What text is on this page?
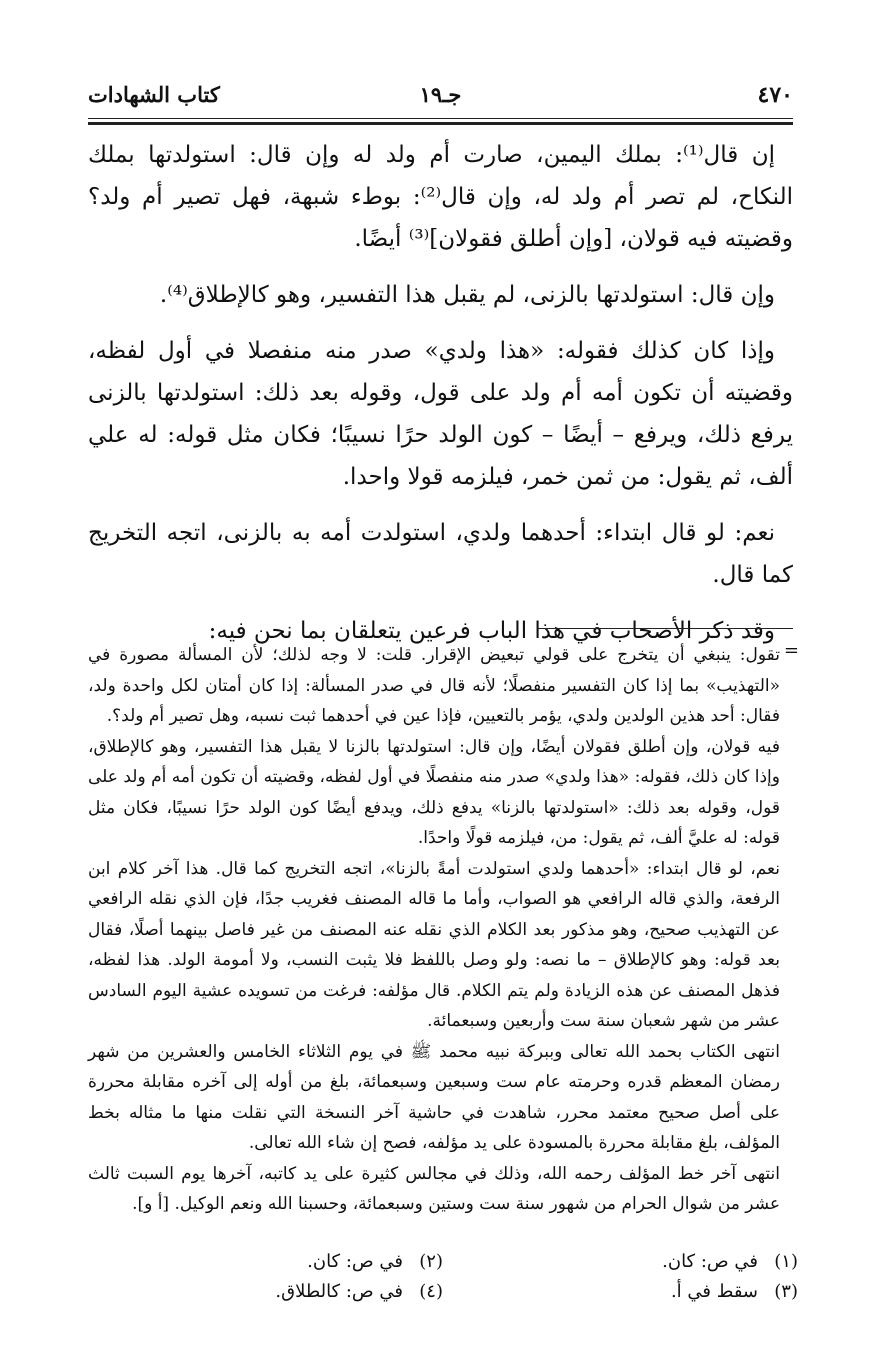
٤٧٠
جـ١٩
كتاب الشهادات

إن قال⁽¹⁾: بملك اليمين، صارت أم ولد له وإن قال: استولدتها بملك النكاح، لم تصر أم ولد له، وإن قال⁽²⁾: بوطء شبهة، فهل تصير أم ولد؟ وقضيته فيه قولان، [وإن أطلق فقولان]⁽³⁾ أيضًا.

وإن قال: استولدتها بالزنى، لم يقبل هذا التفسير، وهو كالإطلاق⁽⁴⁾.

وإذا كان كذلك فقوله: «هذا ولدي» صدر منه منفصلا في أول لفظه، وقضيته أن تكون أمه أم ولد على قول، وقوله بعد ذلك: استولدتها بالزنى يرفع ذلك، ويرفع – أيضًا – كون الولد حرًا نسيبًا؛ فكان مثل قوله: له علي ألف، ثم يقول: من ثمن خمر، فيلزمه قولا واحدا.

نعم: لو قال ابتداء: أحدهما ولدي، استولدت أمه به بالزنى، اتجه التخريج كما قال.

وقد ذكر الأصحاب في هذا الباب فرعين يتعلقان بما نحن فيه:

=

تقول: ينبغي أن يتخرج على قولي تبعيض الإقرار. قلت: لا وجه لذلك؛ لأن المسألة مصورة في «التهذيب» بما إذا كان التفسير منفصلًا؛ لأنه قال في صدر المسألة: إذا كان أمتان لكل واحدة ولد، فقال: أحد هذين الولدين ولدي، يؤمر بالتعيين، فإذا عين في أحدهما ثبت نسبه، وهل تصير أم ولد؟.

فيه قولان، وإن أطلق فقولان أيضًا، وإن قال: استولدتها بالزنا لا يقبل هذا التفسير، وهو كالإطلاق، وإذا كان ذلك، فقوله: «هذا ولدي» صدر منه منفصلًا في أول لفظه، وقضيته أن تكون أمه أم ولد على قول، وقوله بعد ذلك: «استولدتها بالزنا» يدفع ذلك، ويدفع أيضًا كون الولد حرًا نسيبًا، فكان مثل قوله: له عليَّ ألف، ثم يقول: من، فيلزمه قولًا واحدًا.

نعم، لو قال ابتداء: «أحدهما ولدي استولدت أمةً بالزنا»، اتجه التخريج كما قال. هذا آخر كلام ابن الرفعة، والذي قاله الرافعي هو الصواب، وأما ما قاله المصنف فغريب جدًا، فإن الذي نقله الرافعي عن التهذيب صحيح، وهو مذكور بعد الكلام الذي نقله عنه المصنف من غير فاصل بينهما أصلًا، فقال بعد قوله: وهو كالإطلاق – ما نصه: ولو وصل باللفظ فلا يثبت النسب، ولا أمومة الولد. هذا لفظه، فذهل المصنف عن هذه الزيادة ولم يتم الكلام. قال مؤلفه: فرغت من تسويده عشية اليوم السادس عشر من شهر شعبان سنة ست وأربعين وسبعمائة.

انتهى الكتاب بحمد الله تعالى وببركة نبيه محمد ﷺ في يوم الثلاثاء الخامس والعشرين من شهر رمضان المعظم قدره وحرمته عام ست وسبعين وسبعمائة، بلغ من أوله إلى آخره مقابلة محررة على أصل صحيح معتمد محرر، شاهدت في حاشية آخر النسخة التي نقلت منها ما مثاله بخط المؤلف، بلغ مقابلة محررة بالمسودة على يد مؤلفه، فصح إن شاء الله تعالى.

انتهى آخر خط المؤلف رحمه الله، وذلك في مجالس كثيرة على يد كاتبه، آخرها يوم السبت ثالث عشر من شوال الحرام من شهور سنة ست وستين وسبعمائة، وحسبنا الله ونعم الوكيل. [أ و].

(١)
في ص: كان.
(٢)
في ص: كان.
(٣)
سقط في أ.
(٤)
في ص: كالطلاق.
